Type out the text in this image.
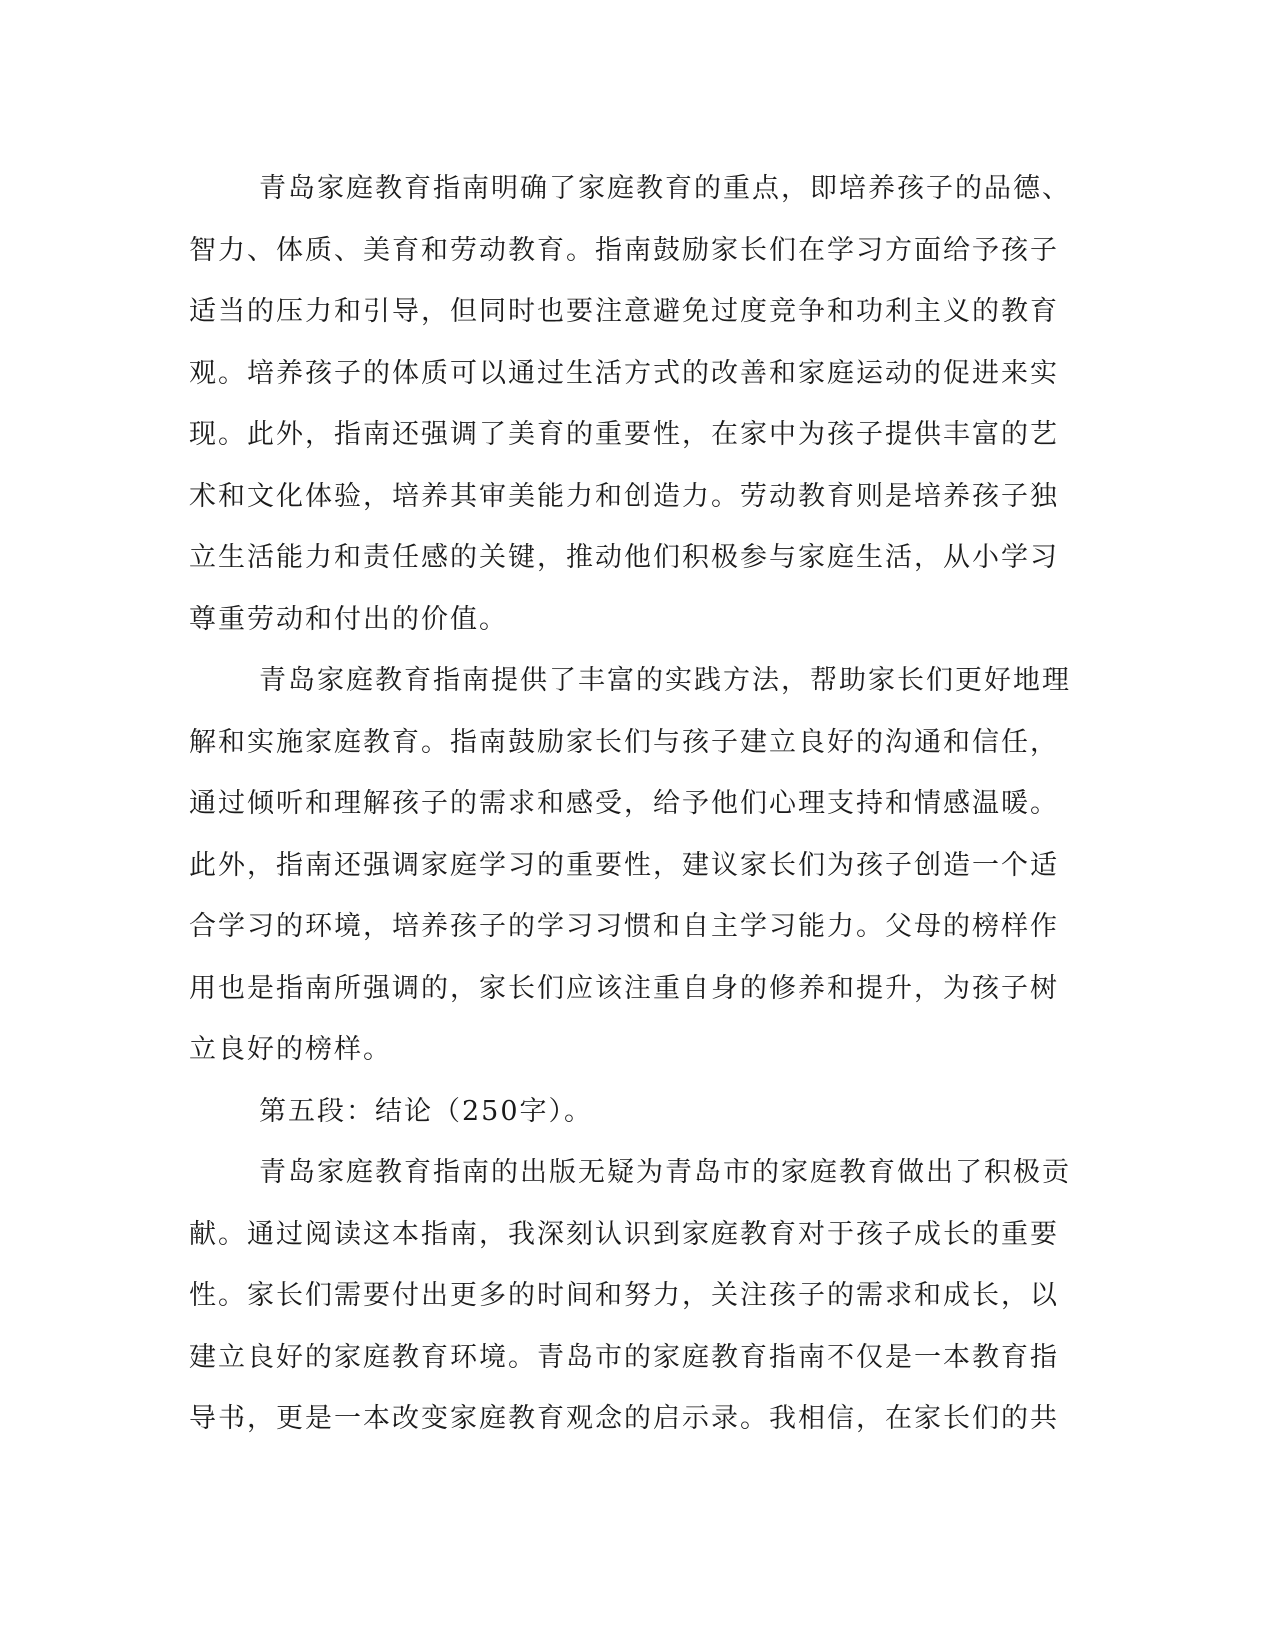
青岛家庭教育指南明确了家庭教育的重点，即培养孩子的品德、
智力、体质、美育和劳动教育。指南鼓励家长们在学习方面给予孩子
适当的压力和引导，但同时也要注意避免过度竞争和功利主义的教育
观。培养孩子的体质可以通过生活方式的改善和家庭运动的促进来实
现。此外，指南还强调了美育的重要性，在家中为孩子提供丰富的艺
术和文化体验，培养其审美能力和创造力。劳动教育则是培养孩子独
立生活能力和责任感的关键，推动他们积极参与家庭生活，从小学习
尊重劳动和付出的价值。
青岛家庭教育指南提供了丰富的实践方法，帮助家长们更好地理
解和实施家庭教育。指南鼓励家长们与孩子建立良好的沟通和信任，
通过倾听和理解孩子的需求和感受，给予他们心理支持和情感温暖。
此外，指南还强调家庭学习的重要性，建议家长们为孩子创造一个适
合学习的环境，培养孩子的学习习惯和自主学习能力。父母的榜样作
用也是指南所强调的，家长们应该注重自身的修养和提升，为孩子树
立良好的榜样。
第五段：结论（250字）。
青岛家庭教育指南的出版无疑为青岛市的家庭教育做出了积极贡
献。通过阅读这本指南，我深刻认识到家庭教育对于孩子成长的重要
性。家长们需要付出更多的时间和努力，关注孩子的需求和成长，以
建立良好的家庭教育环境。青岛市的家庭教育指南不仅是一本教育指
导书，更是一本改变家庭教育观念的启示录。我相信，在家长们的共
